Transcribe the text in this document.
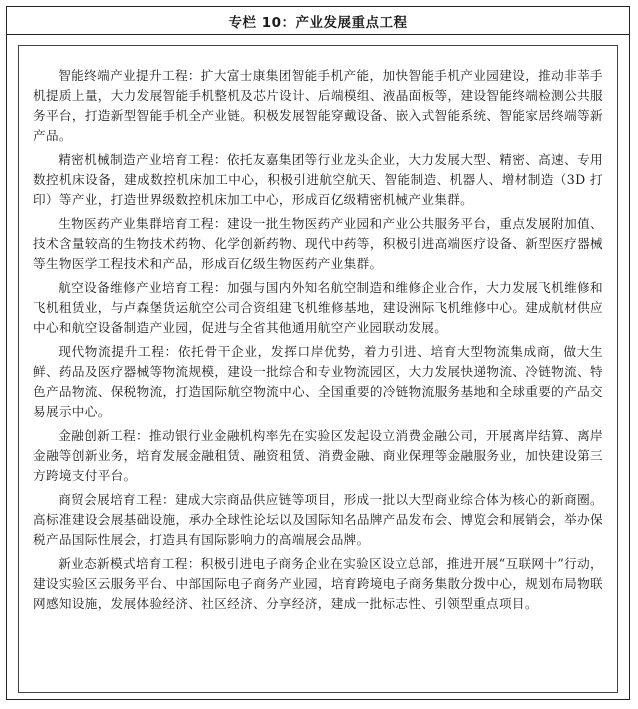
专栏 10：产业发展重点工程

智能终端产业提升工程：扩大富士康集团智能手机产能，加快智能手机产业园建设，推动非莘手机提质上量，大力发展智能手机整机及芯片设计、后端模组、液晶面板等，建设智能终端检测公共服务平台，打造新型智能手机全产业链。积极发展智能穿戴设备、嵌入式智能系统、智能家居终端等新产品。

精密机械制造产业培育工程：依托友嘉集团等行业龙头企业，大力发展大型、精密、高速、专用数控机床设备，建成数控机床加工中心，积极引进航空航天、智能制造、机器人、增材制造（3D 打印）等产业，打造世界级数控机床加工中心，形成百亿级精密机械产业集群。

生物医药产业集群培育工程：建设一批生物医药产业园和产业公共服务平台，重点发展附加值、技术含量较高的生物技术药物、化学创新药物、现代中药等，积极引进高端医疗设备、新型医疗器械等生物医学工程技术和产品，形成百亿级生物医药产业集群。

航空设备维修产业培育工程：加强与国内外知名航空制造和维修企业合作，大力发展飞机维修和飞机租赁业，与卢森堡货运航空公司合资组建飞机维修基地，建设洲际飞机维修中心。建成航材供应中心和航空设备制造产业园，促进与全省其他通用航空产业园联动发展。

现代物流提升工程：依托骨干企业，发挥口岸优势，着力引进、培育大型物流集成商，做大生鲜、药品及医疗器械等物流规模，建设一批综合和专业物流园区，大力发展快递物流、冷链物流、特色产品物流、保税物流，打造国际航空物流中心、全国重要的冷链物流服务基地和全球重要的产品交易展示中心。

金融创新工程：推动银行业金融机构率先在实验区发起设立消费金融公司，开展离岸结算、离岸金融等创新业务，培育发展金融租赁、融资租赁、消费金融、商业保理等金融服务业，加快建设第三方跨境支付平台。

商贸会展培育工程：建成大宗商品供应链等项目，形成一批以大型商业综合体为核心的新商圈。高标准建设会展基础设施，承办全球性论坛以及国际知名品牌产品发布会、博览会和展销会，举办保税产品国际性展会，打造具有国际影响力的高端展会品牌。

新业态新模式培育工程：积极引进电子商务企业在实验区设立总部，推进开展“互联网十”行动，建设实验区云服务平台、中部国际电子商务产业园，培育跨境电子商务集散分拨中心，规划布局物联网感知设施，发展体验经济、社区经济、分享经济，建成一批标志性、引领型重点项目。
